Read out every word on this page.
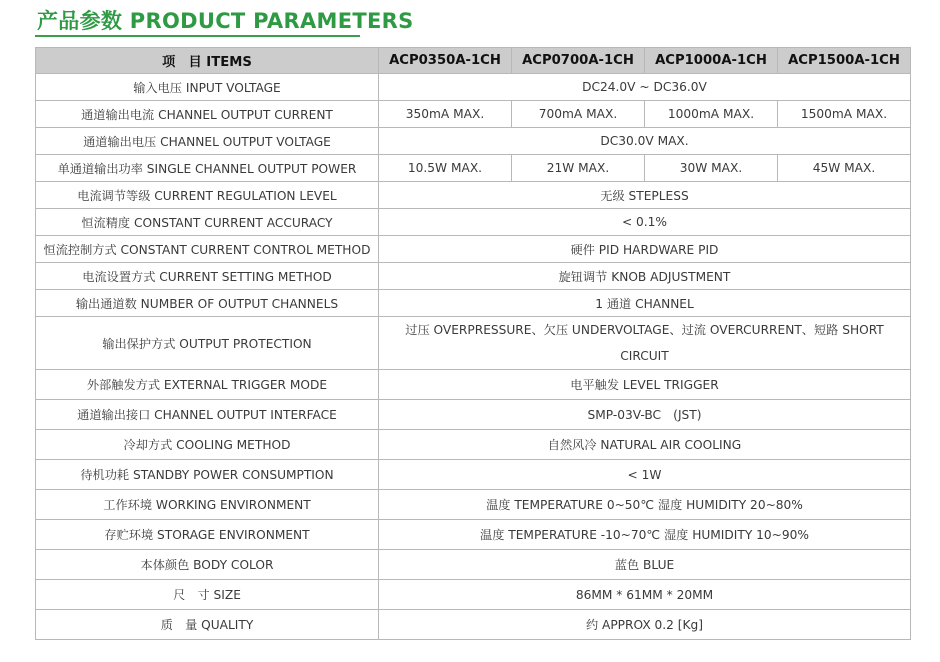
产品参数 PRODUCT PARAMETERS
项　目 ITEMS	ACP0350A-1CH	ACP0700A-1CH	ACP1000A-1CH	ACP1500A-1CH
输入电压 INPUT VOLTAGE	DC24.0V ~ DC36.0V			
通道输出电流 CHANNEL OUTPUT CURRENT	350mA MAX.	700mA MAX.	1000mA MAX.	1500mA MAX.
通道输出电压 CHANNEL OUTPUT VOLTAGE	DC30.0V MAX.			
单通道输出功率 SINGLE CHANNEL OUTPUT POWER	10.5W MAX.	21W MAX.	30W MAX.	45W MAX.
电流调节等级 CURRENT REGULATION LEVEL	无级 STEPLESS			
恒流精度 CONSTANT CURRENT ACCURACY	< 0.1%			
恒流控制方式 CONSTANT CURRENT CONTROL METHOD	硬件 PID HARDWARE PID			
电流设置方式 CURRENT SETTING METHOD	旋钮调节 KNOB ADJUSTMENT			
输出通道数 NUMBER OF OUTPUT CHANNELS	1 通道 CHANNEL			
输出保护方式 OUTPUT PROTECTION	过压 OVERPRESSURE、欠压 UNDERVOLTAGE、过流 OVERCURRENT、短路 SHORT CIRCUIT			
外部触发方式 EXTERNAL TRIGGER MODE	电平触发 LEVEL TRIGGER			
通道输出接口 CHANNEL OUTPUT INTERFACE	SMP-03V-BC　(JST)			
冷却方式 COOLING METHOD	自然风冷 NATURAL AIR COOLING			
待机功耗 STANDBY POWER CONSUMPTION	< 1W			
工作环境 WORKING ENVIRONMENT	温度 TEMPERATURE 0~50℃ 湿度 HUMIDITY 20~80%			
存贮环境 STORAGE ENVIRONMENT	温度 TEMPERATURE -10~70℃ 湿度 HUMIDITY 10~90%			
本体颜色 BODY COLOR	蓝色 BLUE			
尺　寸 SIZE	86MM * 61MM * 20MM			
质　量 QUALITY	约 APPROX 0.2 [Kg]			
